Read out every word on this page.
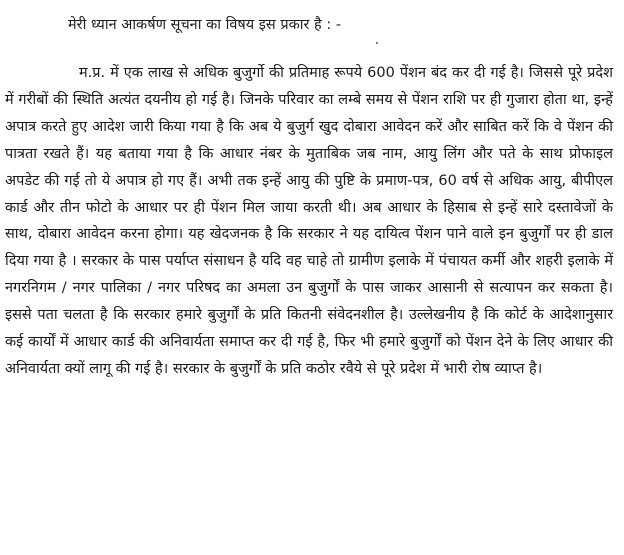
मेरी ध्यान आकर्षण सूचना का विषय इस प्रकार है : -

म.प्र. में एक लाख से अधिक बुजुर्गो की प्रतिमाह रूपये 600 पेंशन बंद कर दी गई है। जिससे पूरे प्रदेश में गरीबों की स्थिति अत्यंत दयनीय हो गई है। जिनके परिवार का लम्बे समय से पेंशन राशि पर ही गुजारा होता था, इन्हें अपात्र करते हुए आदेश जारी किया गया है कि अब ये बुजुर्ग खुद दोबारा आवेदन करें और साबित करें कि वे पेंशन की पात्रता रखते हैं। यह बताया गया है कि आधार नंबर के मुताबिक जब नाम, आयु लिंग और पते के साथ प्रोफाइल अपडेट की गई तो ये अपात्र हो गए हैं। अभी तक इन्हें आयु की पुष्टि के प्रमाण-पत्र, 60 वर्ष से अधिक आयु, बीपीएल कार्ड और तीन फोटो के आधार पर ही पेंशन मिल जाया करती थी। अब आधार के हिसाब से इन्हें सारे दस्तावेजों के साथ, दोबारा आवेदन करना होगा। यह खेदजनक है कि सरकार ने यह दायित्व पेंशन पाने वाले इन बुजुर्गों पर ही डाल दिया गया है । सरकार के पास पर्याप्त संसाधन है यदि वह चाहे तो ग्रामीण इलाके में पंचायत कर्मी और शहरी इलाके में नगरनिगम / नगर पालिका / नगर परिषद का अमला उन बुजुर्गों के पास जाकर आसानी से सत्यापन कर सकता है। इससे पता चलता है कि सरकार हमारे बुजुर्गों के प्रति कितनी संवेदनशील है। उल्लेखनीय है कि कोर्ट के आदेशानुसार कई कार्यों में आधार कार्ड की अनिवार्यता समाप्त कर दी गई है, फिर भी हमारे बुजुर्गों को पेंशन देने के लिए आधार की अनिवार्यता क्यों लागू की गई है। सरकार के बुजुर्गों के प्रति कठोर रवैये से पूरे प्रदेश में भारी रोष व्याप्त है।
